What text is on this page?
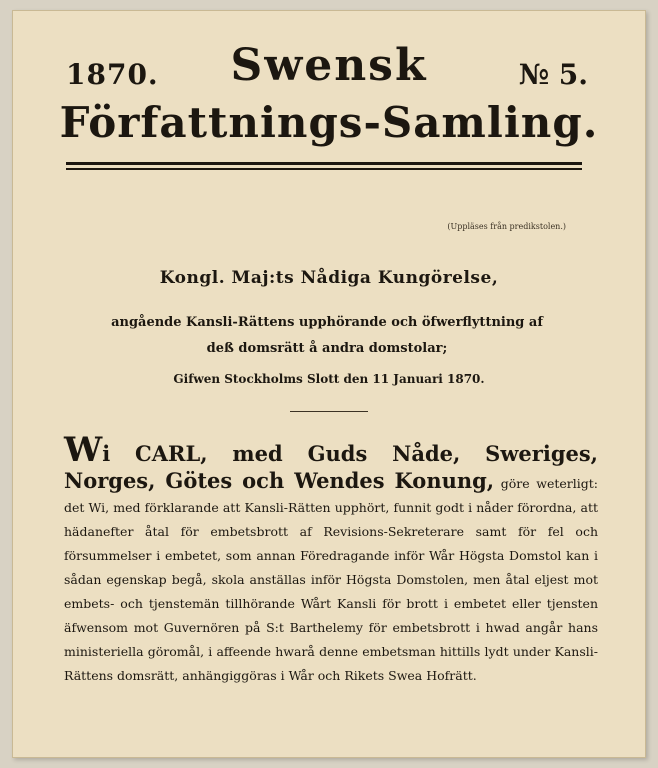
1870.	Swensk	№ 5.
Författnings-Samling.
(Uppläses från predikstolen.)
Kongl. Maj:ts Nådiga Kungörelse,
angående Kansli-Rättens upphörande och öfwerflyttning af deß domsrätt å andra domstolar;
Gifwen Stockholms Slott den 11 Januari 1870.
Wi CARL, med Guds Nåde, Sweriges, Norges, Götes och Wendes Konung, göre weterligt: det Wi, med förklarande att Kansli-Rätten upphört, funnit godt i nåder förordna, att hädanefter åtal för embetsbrott af Revisions-Sekreterare samt för fel och försummelser i embetet, som annan Föredragande inför Wår Högsta Domstol kan i sådan egenskap begå, skola anställas inför Högsta Domstolen, men åtal eljest mot embets- och tjenstemän tillhörande Wårt Kansli för brott i embetet eller tjensten äfwensom mot Guvernören på S:t Barthelemy för embetsbrott i hwad angår hans ministeriella göromål, i affeende hwarå denne embetsman hittills lydt under Kansli-Rättens domsrätt, anhängiggöras i Wår och Rikets Swea Hofrätt.
